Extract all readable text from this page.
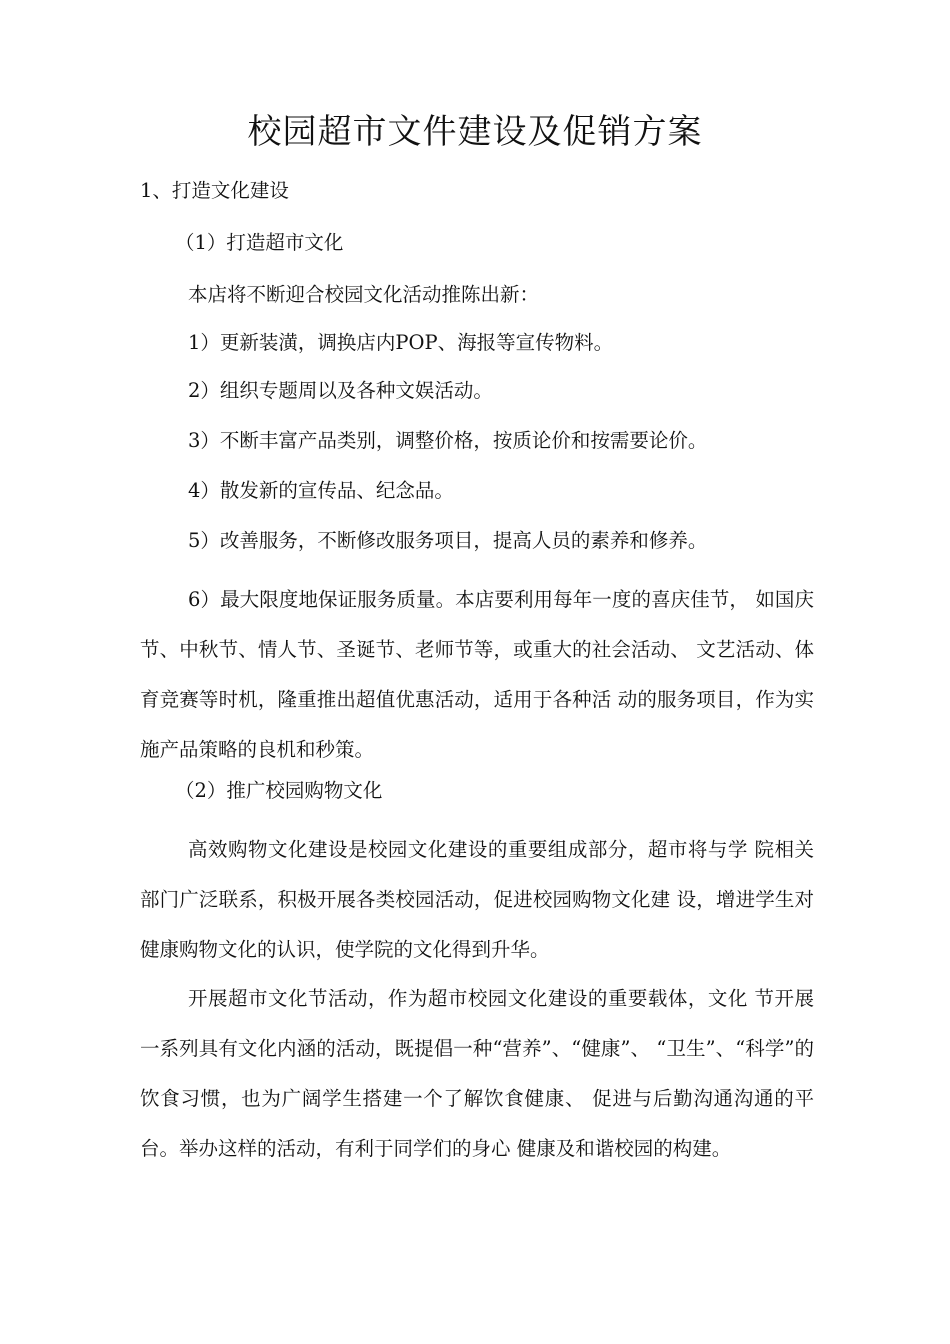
校园超市文件建设及促销方案
1、打造文化建设
（1）打造超市文化
本店将不断迎合校园文化活动推陈出新：
1）更新装潢，调换店内POP、海报等宣传物料。
2）组织专题周以及各种文娱活动。
3）不断丰富产品类别，调整价格，按质论价和按需要论价。
4）散发新的宣传品、纪念品。
5）改善服务，不断修改服务项目，提高人员的素养和修养。
6）最大限度地保证服务质量。本店要利用每年一度的喜庆佳节， 如国庆节、中秋节、情人节、圣诞节、老师节等，或重大的社会活动、 文艺活动、体育竞赛等时机，隆重推出超值优惠活动，适用于各种活 动的服务项目，作为实施产品策略的良机和秒策。
（2）推广校园购物文化
高效购物文化建设是校园文化建设的重要组成部分，超市将与学 院相关部门广泛联系，积极开展各类校园活动，促进校园购物文化建 设，增进学生对健康购物文化的认识，使学院的文化得到升华。
开展超市文化节活动，作为超市校园文化建设的重要载体，文化 节开展一系列具有文化内涵的活动，既提倡一种“营养”、“健康”、 “卫生”、“科学”的饮食习惯，也为广阔学生搭建一个了解饮食健康、 促进与后勤沟通沟通的平台。举办这样的活动，有利于同学们的身心 健康及和谐校园的构建。
